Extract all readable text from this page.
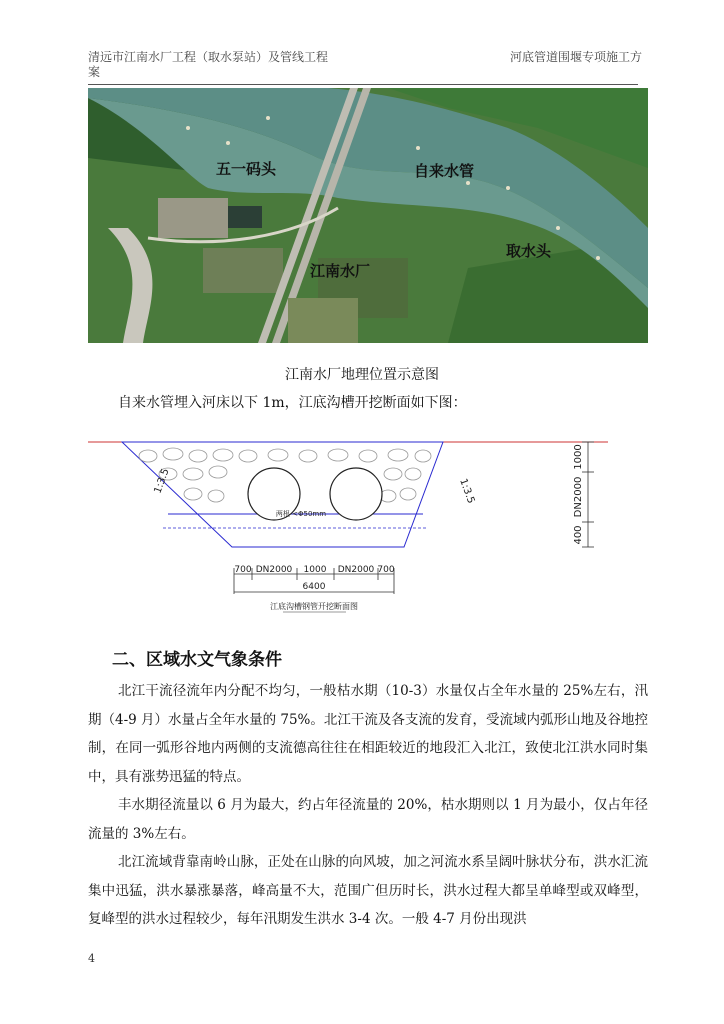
清远市江南水厂工程（取水泵站）及管线工程案
河底管道围堰专项施工方
五一码头	自来水管
取水头
江南水厂
江南水厂地理位置示意图
自来水管埋入河床以下 1m，江底沟槽开挖断面如下图：
1000
DN2000
400
1:3.5	1:3.5
两根 <Φ50mm
700 DN2000 1000 DN2000 700
6400
江底沟槽钢管开挖断面图
二、区域水文气象条件

北江干流径流年内分配不均匀，一般枯水期（10-3）水量仅占全年水量的 25%左右，汛期（4-9 月）水量占全年水量的 75%。北江干流及各支流的发育，受流域内弧形山地及谷地控制，在同一弧形谷地内两侧的支流德高往往在相距较近的地段汇入北江，致使北江洪水同时集中，具有涨势迅猛的特点。

丰水期径流量以 6 月为最大，约占年径流量的 20%，枯水期则以 1 月为最小，仅占年径流量的 3%左右。

北江流域背靠南岭山脉，正处在山脉的向风坡，加之河流水系呈阔叶脉状分布，洪水汇流集中迅猛，洪水暴涨暴落，峰高量不大，范围广但历时长，洪水过程大都呈单峰型或双峰型，复峰型的洪水过程较少，每年汛期发生洪水 3-4 次。一般 4-7 月份出现洪

4
